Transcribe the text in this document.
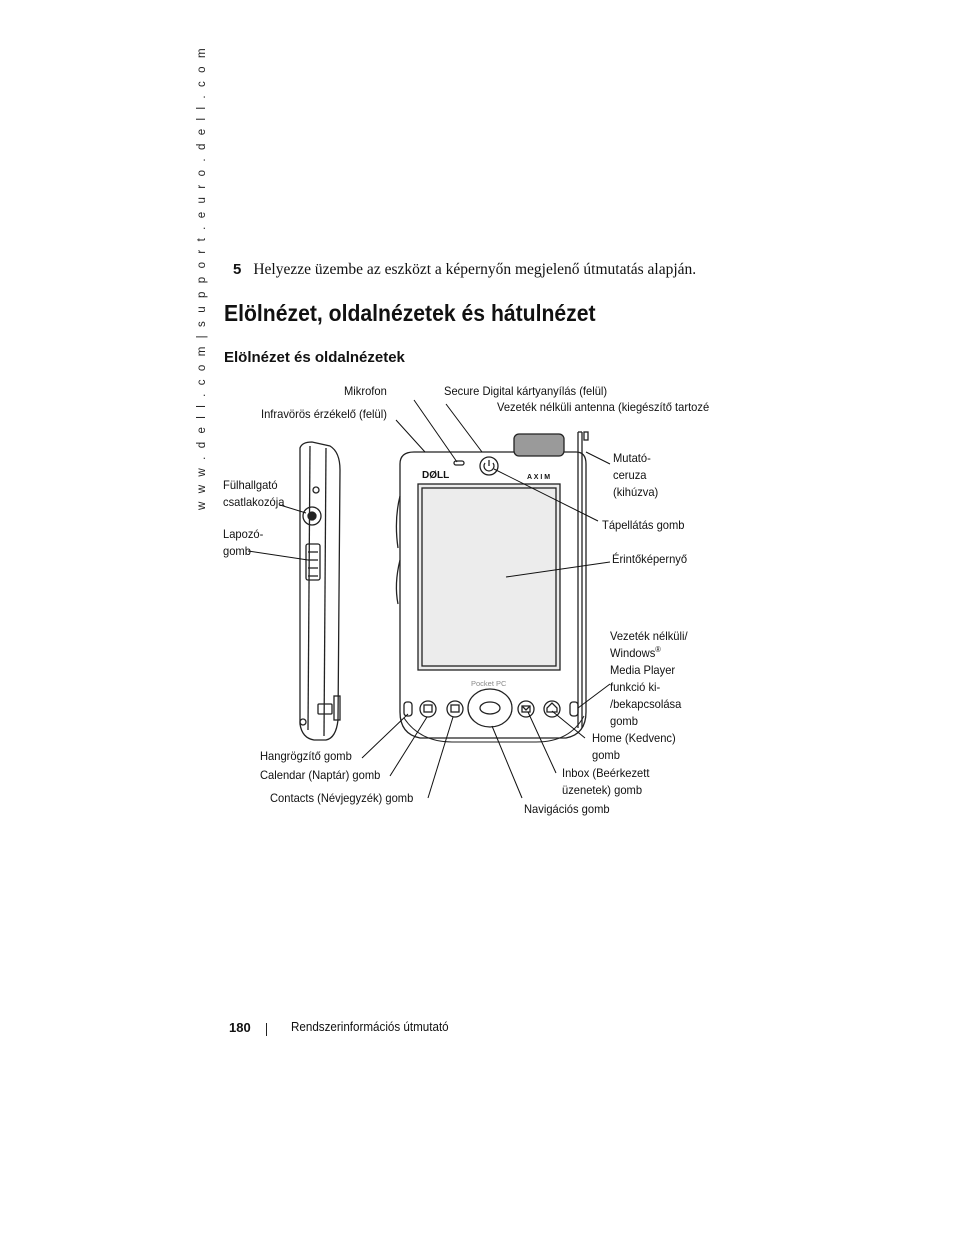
w w w . d e l l . c o m | s u p p o r t . e u r o . d e l l . c o m	5 Helyezze üzembe az eszközt a képernyőn megjelenő útmutatás alapján.
Elölnézet, oldalnézetek és hátulnézet
Elölnézet és oldalnézetek
DØLL	A X I M
Pocket PC
Mikrofon	Secure Digital kártyanyílás (felül)
Vezeték nélküli antenna (kiegészítő tartozé
Infravörös érzékelő (felül)
Mutató-
ceruza
(kihúzva)
Fülhallgató
csatlakozója
Lapozó-
gomb
Tápellátás gomb
Érintőképernyő
Vezeték nélküli/
Windows®
Media Player
funkció ki-
/bekapcsolása
gomb
Home (Kedvenc)
gomb
Inbox (Beérkezett
üzenetek) gomb
Navigációs gomb
Hangrögzítő gomb
Calendar (Naptár) gomb
Contacts (Névjegyzék) gomb
180	Rendszerinformációs útmutató
